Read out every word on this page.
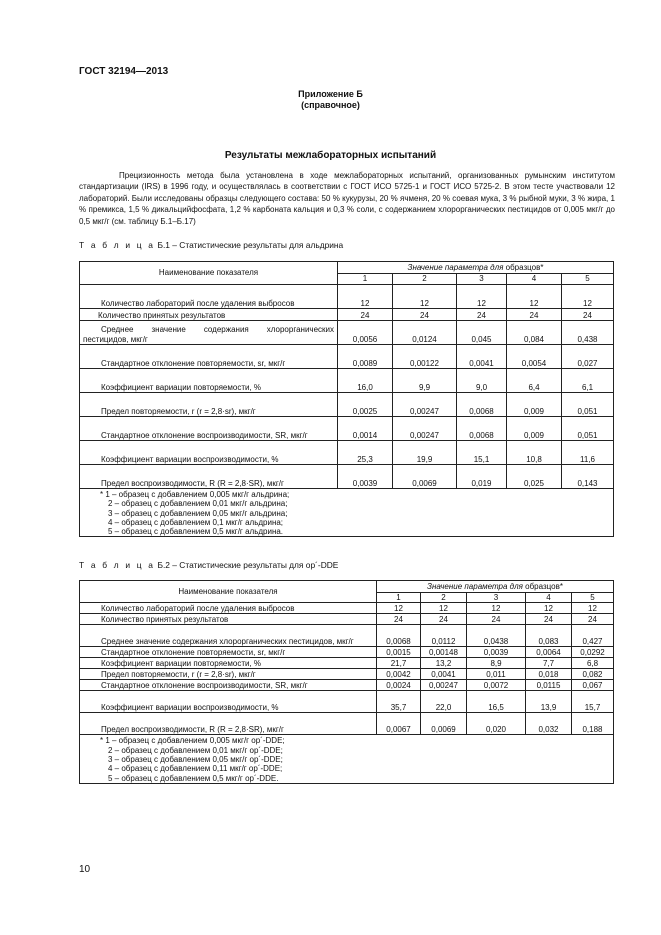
ГОСТ 32194—2013
Приложение Б
(справочное)
Результаты межлабораторных испытаний
Прецизионность метода была установлена в ходе межлабораторных испытаний, организованных румынским институтом стандартизации (IRS) в 1996 году, и осуществлялась в соответствии с ГОСТ ИСО 5725-1 и ГОСТ ИСО 5725-2. В этом тесте участвовали 12 лабораторий. Были исследованы образцы следующего состава: 50 % кукурузы, 20 % ячменя, 20 % соевая мука, 3 % рыбной муки, 3 % жира, 1 % премикса, 1,5 % дикальцийфосфата, 1,2 % карбоната кальция и 0,3 % соли, с содержанием хлорорганических пестицидов от 0,005 мкг/г до 0,5 мкг/г (см. таблицу Б.1–Б.17)
Т а б л и ц а Б.1 – Статистические результаты для альдрина
Наименование показателя	Значение параметра для образцов*				
	1	2	3	4	5
Количество лабораторий после удаления выбросов	12	12	12	12	12
Количество принятых результатов	24	24	24	24	24
Среднее значение содержания хлорорганических пестицидов, мкг/г	0,0056	0,0124	0,045	0,084	0,438
Стандартное отклонение повторяемости, sr, мкг/г	0,0089	0,00122	0,0041	0,0054	0,027
Коэффициент вариации повторяемости, %	16,0	9,9	9,0	6,4	6,1
Предел повторяемости, r (r = 2,8·sr), мкг/г	0,0025	0,00247	0,0068	0,009	0,051
Стандартное отклонение воспроизводимости, SR, мкг/г	0,0014	0,00247	0,0068	0,009	0,051
Коэффициент вариации воспроизводимости, %	25,3	19,9	15,1	10,8	11,6
Предел воспроизводимости, R (R = 2,8·SR), мкг/г	0,0039	0,0069	0,019	0,025	0,143

* 1 – образец с добавлением 0,005 мкг/г альдрина;
2 – образец с добавлением 0,01 мкг/г альдрина;
3 – образец с добавлением 0,05 мкг/г альдрина;
4 – образец с добавлением 0,1 мкг/г альдрина;
5 – образец с добавлением 0,5 мкг/г альдрина.					
Т а б л и ц а Б.2 – Статистические результаты для ор´-DDE
Наименование показателя	Значение параметра для образцов*				
	1	2	3	4	5
Количество лабораторий после удаления выбросов	12	12	12	12	12
Количество принятых результатов	24	24	24	24	24
Среднее значение содержания хлорорганических пестицидов, мкг/г	0,0068	0,0112	0,0438	0,083	0,427
Стандартное отклонение повторяемости, sr, мкг/г	0,0015	0,00148	0,0039	0,0064	0,0292
Коэффициент вариации повторяемости, %	21,7	13,2	8,9	7,7	6,8
Предел повторяемости, r (r = 2,8·sr), мкг/г	0,0042	0,0041	0,011	0,018	0,082
Стандартное отклонение воспроизводимости, SR, мкг/г	0,0024	0,00247	0,0072	0,0115	0,067
Коэффициент вариации воспроизводимости, %	35,7	22,0	16,5	13,9	15,7
Предел воспроизводимости, R (R = 2,8·SR), мкг/г	0,0067	0,0069	0,020	0,032	0,188

* 1 – образец с добавлением 0,005 мкг/г ор´-DDE;
2 – образец с добавлением 0,01 мкг/г ор´-DDE;
3 – образец с добавлением 0,05 мкг/г ор´-DDE;
4 – образец с добавлением 0,11 мкг/г ор´-DDE;
5 – образец с добавлением 0,5 мкг/г ор´-DDE.					
10
